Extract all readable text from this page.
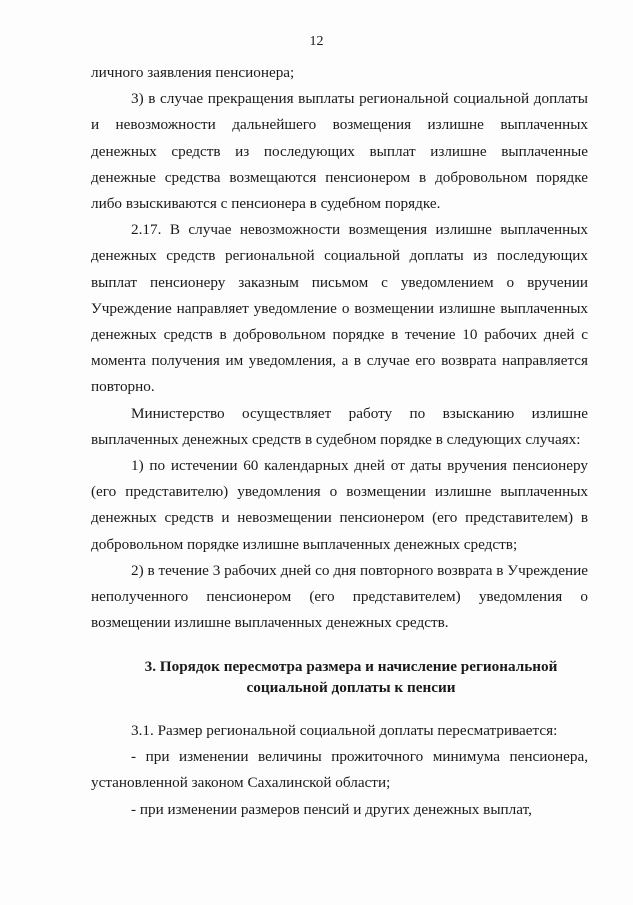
12

личного заявления пенсионера;

3) в случае прекращения выплаты региональной социальной доплаты и невозможности дальнейшего возмещения излишне выплаченных денежных средств из последующих выплат излишне выплаченные денежные средства возмещаются пенсионером в добровольном порядке либо взыскиваются с пенсионера в судебном порядке.

2.17. В случае невозможности возмещения излишне выплаченных денежных средств региональной социальной доплаты из последующих выплат пенсионеру заказным письмом с уведомлением о вручении Учреждение направляет уведомление о возмещении излишне выплаченных денежных средств в добровольном порядке в течение 10 рабочих дней с момента получения им уведомления, а в случае его возврата направляется повторно.

Министерство осуществляет работу по взысканию излишне выплаченных денежных средств в судебном порядке в следующих случаях:

1) по истечении 60 календарных дней от даты вручения пенсионеру (его представителю) уведомления о возмещении излишне выплаченных денежных средств и невозмещении пенсионером (его представителем) в добровольном порядке излишне выплаченных денежных средств;

2) в течение 3 рабочих дней со дня повторного возврата в Учреждение неполученного пенсионером (его представителем) уведомления о возмещении излишне выплаченных денежных средств.

3. Порядок пересмотра размера и начисление региональной
социальной доплаты к пенсии

3.1. Размер региональной социальной доплаты пересматривается:

- при изменении величины прожиточного минимума пенсионера, установленной законом Сахалинской области;

- при изменении размеров пенсий и других денежных выплат,
